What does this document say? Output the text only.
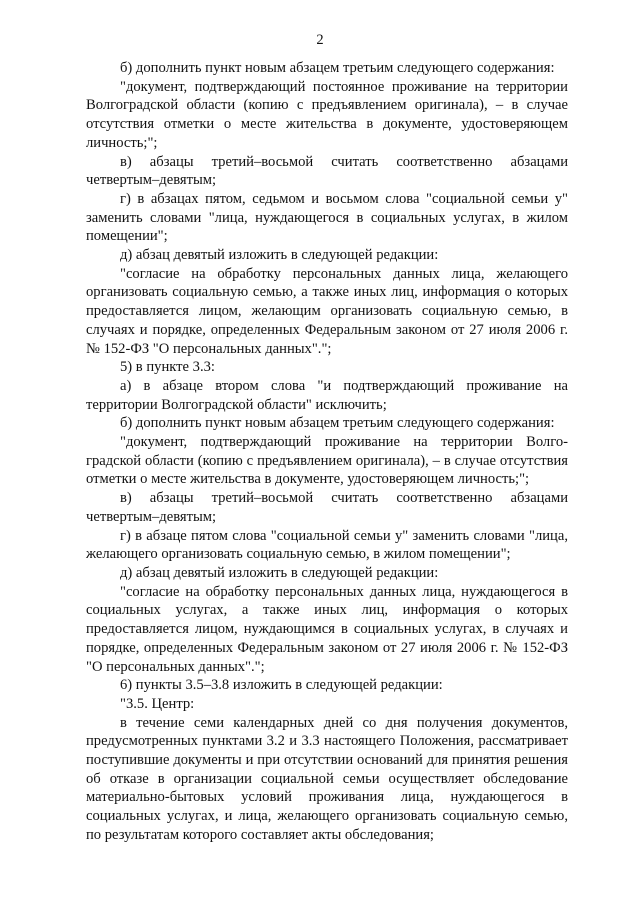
2

б) дополнить пункт новым абзацем третьим следующего содержания:

"документ, подтверждающий постоянное проживание на территории Волгоградской области (копию с предъявлением оригинала), – в случае отсутствия отметки о месте жительства в документе, удостоверяющем личность;";

в) абзацы третий–восьмой считать соответственно абзацами четвертым–девятым;

г) в абзацах пятом, седьмом и восьмом слова "социальной семьи у" заменить словами "лица, нуждающегося в социальных услугах, в жилом помещении";

д) абзац девятый изложить в следующей редакции:

"согласие на обработку персональных данных лица, желающего организовать социальную семью, а также иных лиц, информация о которых предоставляется лицом, желающим организовать социальную семью, в случаях и порядке, определенных Федеральным законом от 27 июля 2006 г. № 152-ФЗ "О персональных данных".";

5) в пункте 3.3:

а) в абзаце втором слова "и подтверждающий проживание на территории Волгоградской области" исключить;

б) дополнить пункт новым абзацем третьим следующего содержания:

"документ, подтверждающий проживание на территории Волго-градской области (копию с предъявлением оригинала), – в случае отсутствия отметки о месте жительства в документе, удостоверяющем личность;";

в) абзацы третий–восьмой считать соответственно абзацами четвертым–девятым;

г) в абзаце пятом слова "социальной семьи у" заменить словами "лица, желающего организовать социальную семью, в жилом помещении";

д) абзац девятый изложить в следующей редакции:

"согласие на обработку персональных данных лица, нуждающегося в социальных услугах, а также иных лиц, информация о которых предоставляется лицом, нуждающимся в социальных услугах, в случаях и порядке, определенных Федеральным законом от 27 июля 2006 г. № 152-ФЗ "О персональных данных".";

6) пункты 3.5–3.8 изложить в следующей редакции:

"3.5. Центр:

в течение семи календарных дней со дня получения документов, предусмотренных пунктами 3.2 и 3.3 настоящего Положения, рассматривает поступившие документы и при отсутствии оснований для принятия решения об отказе в организации социальной семьи осуществляет обследование материально-бытовых условий проживания лица, нуждающегося в социальных услугах, и лица, желающего организовать социальную семью, по результатам которого составляет акты обследования;
